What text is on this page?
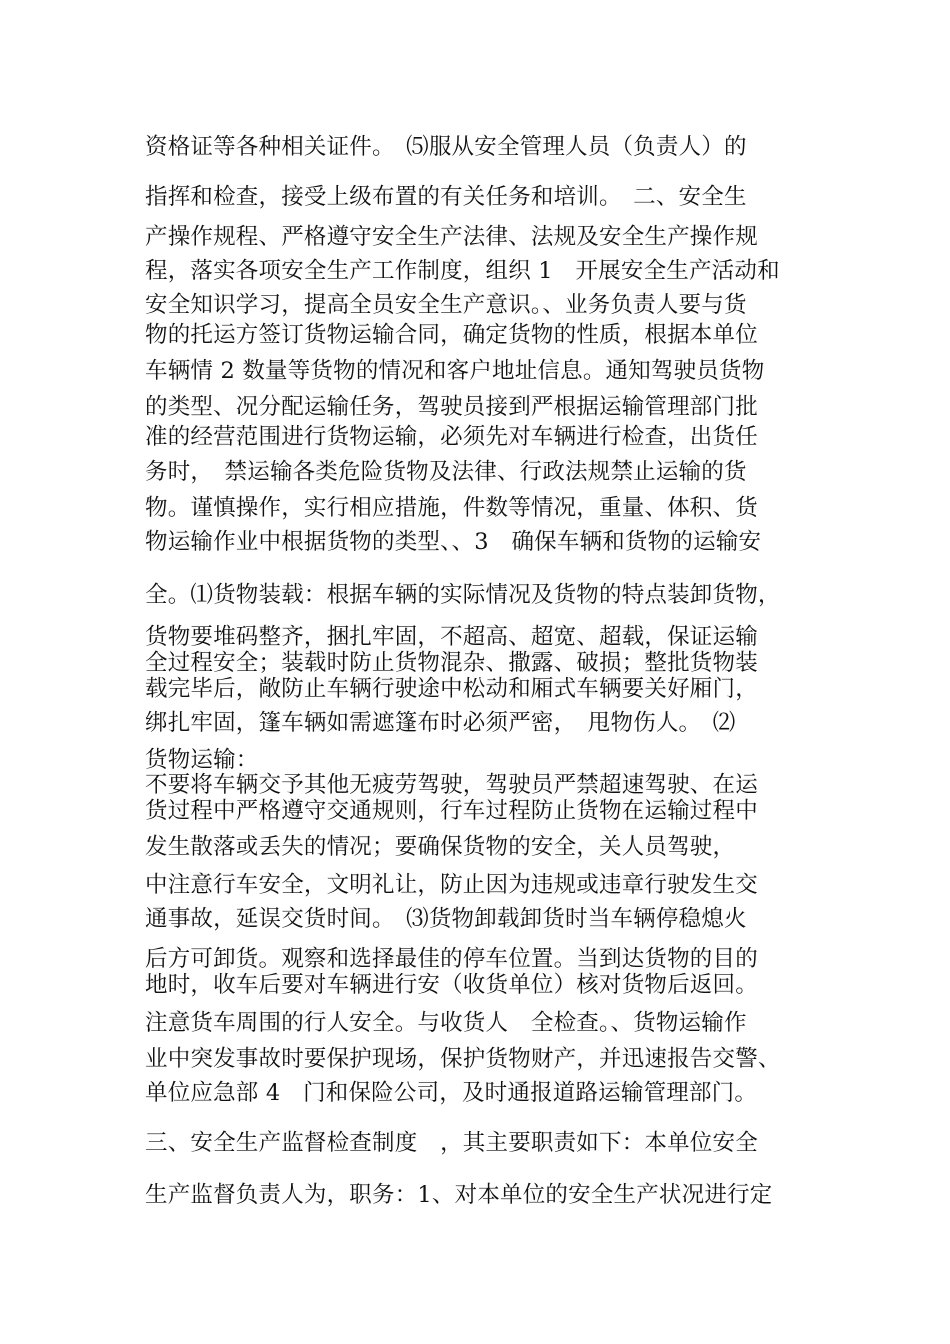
资格证等各种相关证件。　⑸服从安全管理人员（负责人）的
指挥和检查，接受上级布置的有关任务和培训。　二、安全生
产操作规程、严格遵守安全生产法律、法规及安全生产操作规
程，落实各项安全生产工作制度，组织 1　开展安全生产活动和
安全知识学习，提高全员安全生产意识。、业务负责人要与货
物的托运方签订货物运输合同，确定货物的性质，根据本单位
车辆情 2 数量等货物的情况和客户地址信息。通知驾驶员货物
的类型、况分配运输任务，驾驶员接到严根据运输管理部门批
准的经营范围进行货物运输，必须先对车辆进行检查，出货任
务时，　禁运输各类危险货物及法律、行政法规禁止运输的货
物。谨慎操作，实行相应措施，件数等情况，重量、体积、货
物运输作业中根据货物的类型、、3　确保车辆和货物的运输安
全。⑴货物装载：根据车辆的实际情况及货物的特点装卸货物，
货物要堆码整齐，捆扎牢固，不超高、超宽、超载，保证运输
全过程安全；装载时防止货物混杂、撒露、破损；整批货物装
载完毕后，敞防止车辆行驶途中松动和厢式车辆要关好厢门，
绑扎牢固，篷车辆如需遮篷布时必须严密，　甩物伤人。　⑵
货物运输：
不要将车辆交予其他无疲劳驾驶，驾驶员严禁超速驾驶、在运
货过程中严格遵守交通规则，行车过程防止货物在运输过程中
发生散落或丢失的情况；要确保货物的安全，关人员驾驶，
中注意行车安全，文明礼让，防止因为违规或违章行驶发生交
通事故，延误交货时间。　⑶货物卸载卸货时当车辆停稳熄火
后方可卸货。观察和选择最佳的停车位置。当到达货物的目的
地时，收车后要对车辆进行安（收货单位）核对货物后返回。
注意货车周围的行人安全。与收货人　全检查。、货物运输作
业中突发事故时要保护现场，保护货物财产，并迅速报告交警、
单位应急部 4　门和保险公司，及时通报道路运输管理部门。
三、安全生产监督检查制度　，其主要职责如下：本单位安全
生产监督负责人为，职务：1、对本单位的安全生产状况进行定
